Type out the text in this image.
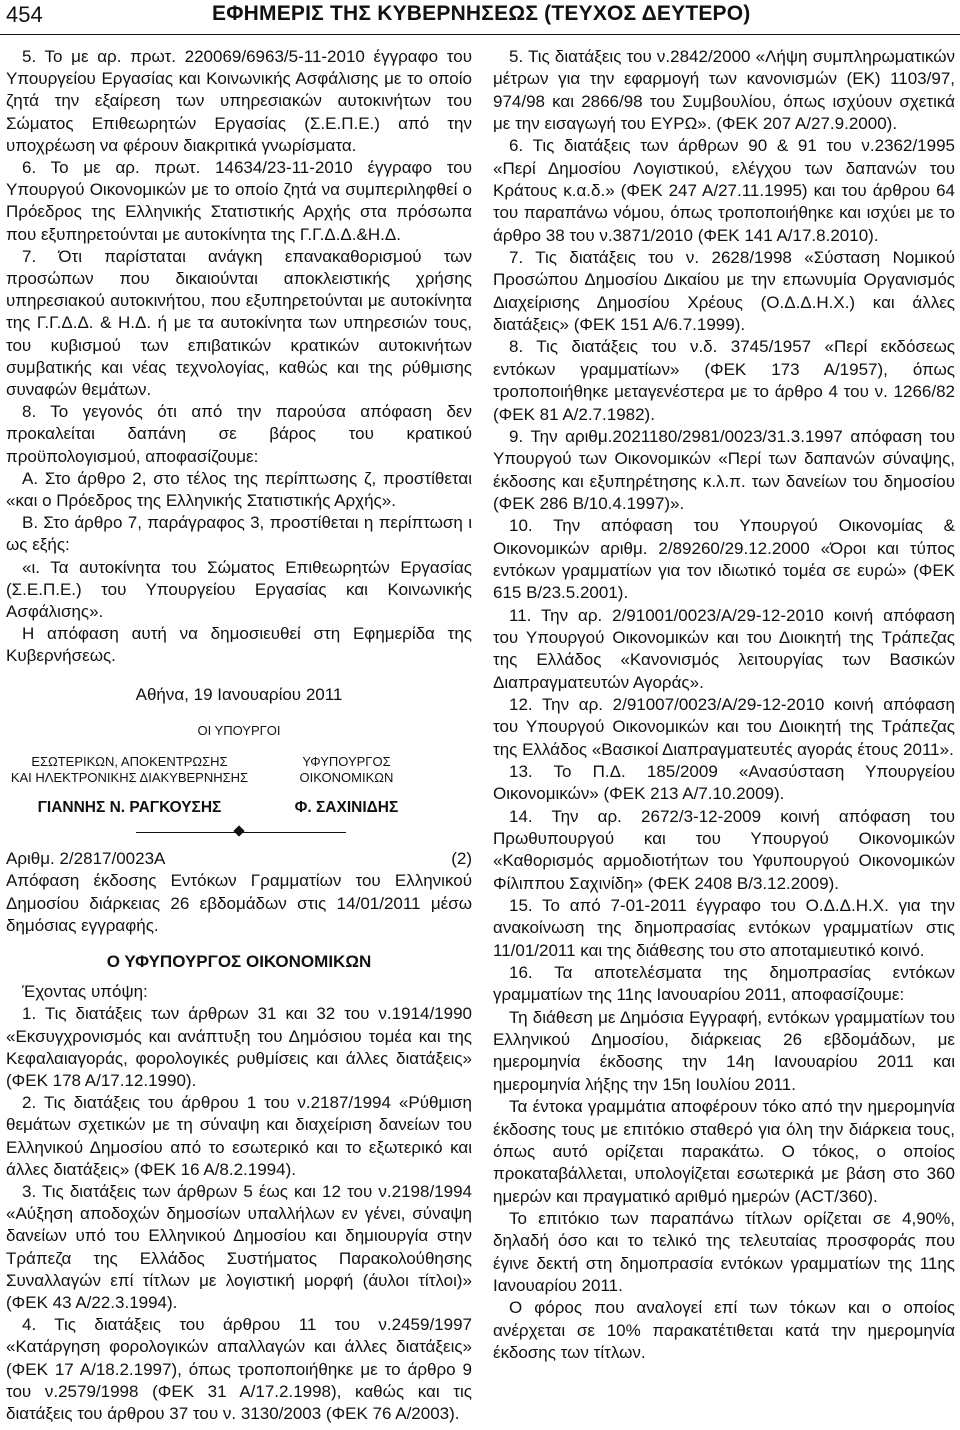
454	ΕΦΗΜΕΡΙΣ ΤΗΣ ΚΥΒΕΡΝΗΣΕΩΣ (ΤΕΥΧΟΣ ΔΕΥΤΕΡΟ)

5. Το με αρ. πρωτ. 220069/6963/5-11-2010 έγγραφο του Υπουργείου Εργασίας και Κοινωνικής Ασφάλισης με το οποίο ζητά την εξαίρεση των υπηρεσιακών αυτοκινήτων του Σώματος Επιθεωρητών Εργασίας (Σ.Ε.Π.Ε.) από την υποχρέωση να φέρουν διακριτικά γνωρίσματα.

6. Το με αρ. πρωτ. 14634/23-11-2010 έγγραφο του Υπουργού Οικονομικών με το οποίο ζητά να συμπεριληφθεί ο Πρόεδρος της Ελληνικής Στατιστικής Αρχής στα πρόσωπα που εξυπηρετούνται με αυτοκίνητα της Γ.Γ.Δ.Δ.&Η.Δ.

7. Ότι παρίσταται ανάγκη επανακαθορισμού των προσώπων που δικαιούνται αποκλειστικής χρήσης υπηρεσιακού αυτοκινήτου, που εξυπηρετούνται με αυτοκίνητα της Γ.Γ.Δ.Δ. & Η.Δ. ή με τα αυτοκίνητα των υπηρεσιών τους, του κυβισμού των επιβατικών κρατικών αυτοκινήτων συμβατικής και νέας τεχνολογίας, καθώς και της ρύθμισης συναφών θεμάτων.

8. Το γεγονός ότι από την παρούσα απόφαση δεν προκαλείται δαπάνη σε βάρος του κρατικού προϋπολογισμού, αποφασίζουμε:

Α. Στο άρθρο 2, στο τέλος της περίπτωσης ζ, προστίθεται «και ο Πρόεδρος της Ελληνικής Στατιστικής Αρχής».

Β. Στο άρθρο 7, παράγραφος 3, προστίθεται η περίπτωση ι ως εξής:

«ι. Τα αυτοκίνητα του Σώματος Επιθεωρητών Εργασίας (Σ.Ε.Π.Ε.) του Υπουργείου Εργασίας και Κοινωνικής Ασφάλισης».

Η απόφαση αυτή να δημοσιευθεί στη Εφημερίδα της Κυβερνήσεως.

Αθήνα, 19 Ιανουαρίου 2011

ΟΙ ΥΠΟΥΡΓΟΙ

ΕΣΩΤΕΡΙΚΩΝ, ΑΠΟΚΕΝΤΡΩΣΗΣ
ΚΑΙ ΗΛΕΚΤΡΟΝΙΚΗΣ ΔΙΑΚΥΒΕΡΝΗΣΗΣ
ΓΙΑΝΝΗΣ Ν. ΡΑΓΚΟΥΣΗΣ
ΥΦΥΠΟΥΡΓΟΣ
ΟΙΚΟΝΟΜΙΚΩΝ
Φ. ΣΑΧΙΝΙΔΗΣ
Αριθμ. 2/2817/0023Α	(2)

Απόφαση έκδοσης Εντόκων Γραμματίων του Ελληνικού Δημοσίου διάρκειας 26 εβδομάδων στις 14/01/2011 μέσω δημόσιας εγγραφής.

Ο ΥΦΥΠΟΥΡΓΟΣ ΟΙΚΟΝΟΜΙΚΩΝ

Έχοντας υπόψη:

1. Τις διατάξεις των άρθρων 31 και 32 του ν.1914/1990 «Εκσυγχρονισμός και ανάπτυξη του Δημόσιου τομέα και της Κεφαλαιαγοράς, φορολογικές ρυθμίσεις και άλλες διατάξεις» (ΦΕΚ 178 Α/17.12.1990).

2. Τις διατάξεις του άρθρου 1 του ν.2187/1994 «Ρύθμιση θεμάτων σχετικών με τη σύναψη και διαχείριση δανείων του Ελληνικού Δημοσίου από το εσωτερικό και το εξωτερικό και άλλες διατάξεις» (ΦΕΚ 16 Α/8.2.1994).

3. Τις διατάξεις των άρθρων 5 έως και 12 του ν.2198/1994 «Αύξηση αποδοχών δημοσίων υπαλλήλων εν γένει, σύναψη δανείων υπό του Ελληνικού Δημοσίου και δημιουργία στην Τράπεζα της Ελλάδος Συστήματος Παρακολούθησης Συναλλαγών επί τίτλων με λογιστική μορφή (άυλοι τίτλοι)» (ΦΕΚ 43 Α/22.3.1994).

4. Τις διατάξεις του άρθρου 11 του ν.2459/1997 «Κατάργηση φορολογικών απαλλαγών και άλλες διατάξεις» (ΦΕΚ 17 Α/18.2.1997), όπως τροποποιήθηκε με το άρθρο 9 του ν.2579/1998 (ΦΕΚ 31 Α/17.2.1998), καθώς και τις διατάξεις του άρθρου 37 του ν. 3130/2003 (ΦΕΚ 76 Α/2003).

5. Τις διατάξεις του ν.2842/2000 «Λήψη συμπληρωματικών μέτρων για την εφαρμογή των κανονισμών (ΕΚ) 1103/97, 974/98 και 2866/98 του Συμβουλίου, όπως ισχύουν σχετικά με την εισαγωγή του ΕΥΡΩ». (ΦΕΚ 207 Α/27.9.2000).

6. Τις διατάξεις των άρθρων 90 & 91 του ν.2362/1995 «Περί Δημοσίου Λογιστικού, ελέγχου των δαπανών του Κράτους κ.α.δ.» (ΦΕΚ 247 Α/27.11.1995) και του άρθρου 64 του παραπάνω νόμου, όπως τροποποιήθηκε και ισχύει με το άρθρο 38 του ν.3871/2010 (ΦΕΚ 141 Α/17.8.2010).

7. Τις διατάξεις του ν. 2628/1998 «Σύσταση Νομικού Προσώπου Δημοσίου Δικαίου με την επωνυμία Οργανισμός Διαχείρισης Δημοσίου Χρέους (Ο.Δ.Δ.Η.Χ.) και άλλες διατάξεις» (ΦΕΚ 151 Α/6.7.1999).

8. Τις διατάξεις του ν.δ. 3745/1957 «Περί εκδόσεως εντόκων γραμματίων» (ΦΕΚ 173 Α/1957), όπως τροποποιήθηκε μεταγενέστερα με το άρθρο 4 του ν. 1266/82 (ΦΕΚ 81 Α/2.7.1982).

9. Την αριθμ.2021180/2981/0023/31.3.1997 απόφαση του Υπουργού των Οικονομικών «Περί των δαπανών σύναψης, έκδοσης και εξυπηρέτησης κ.λ.π. των δανείων του δημοσίου (ΦΕΚ 286 Β/10.4.1997)».

10. Την απόφαση του Υπουργού Οικονομίας & Οικονομικών αριθμ. 2/89260/29.12.2000 «Όροι και τύπος εντόκων γραμματίων για τον ιδιωτικό τομέα σε ευρώ» (ΦΕΚ 615 Β/23.5.2001).

11. Την αρ. 2/91001/0023/Α/29-12-2010 κοινή απόφαση του Υπουργού Οικονομικών και του Διοικητή της Τράπεζας της Ελλάδος «Κανονισμός λειτουργίας των Βασικών Διαπραγματευτών Αγοράς».

12. Την αρ. 2/91007/0023/Α/29-12-2010 κοινή απόφαση του Υπουργού Οικονομικών και του Διοικητή της Τράπεζας της Ελλάδος «Βασικοί Διαπραγματευτές αγοράς έτους 2011».

13. Το Π.Δ. 185/2009 «Ανασύσταση Υπουργείου Οικονομικών» (ΦΕΚ 213 Α/7.10.2009).

14. Την αρ. 2672/3-12-2009 κοινή απόφαση του Πρωθυπουργού και του Υπουργού Οικονομικών «Καθορισμός αρμοδιοτήτων του Υφυπουργού Οικονομικών Φίλιππου Σαχινίδη» (ΦΕΚ 2408 Β/3.12.2009).

15. Το από 7-01-2011 έγγραφο του Ο.Δ.Δ.Η.Χ. για την ανακοίνωση της δημοπρασίας εντόκων γραμματίων στις 11/01/2011 και της διάθεσης του στο αποταμιευτικό κοινό.

16. Τα αποτελέσματα της δημοπρασίας εντόκων γραμματίων της 11ης Ιανουαρίου 2011, αποφασίζουμε:

Τη διάθεση με Δημόσια Εγγραφή, εντόκων γραμματίων του Ελληνικού Δημοσίου, διάρκειας 26 εβδομάδων, με ημερομηνία έκδοσης την 14η Ιανουαρίου 2011 και ημερομηνία λήξης την 15η Ιουλίου 2011.

Τα έντοκα γραμμάτια αποφέρουν τόκο από την ημερομηνία έκδοσης τους με επιτόκιο σταθερό για όλη την διάρκεια τους, όπως αυτό ορίζεται παρακάτω. Ο τόκος, ο οποίος προκαταβάλλεται, υπολογίζεται εσωτερικά με βάση στο 360 ημερών και πραγματικό αριθμό ημερών (ACT/360).

Το επιτόκιο των παραπάνω τίτλων ορίζεται σε 4,90%, δηλαδή όσο και το τελικό της τελευταίας προσφοράς που έγινε δεκτή στη δημοπρασία εντόκων γραμματίων της 11ης Ιανουαρίου 2011.

Ο φόρος που αναλογεί επί των τόκων και ο οποίος ανέρχεται σε 10% παρακατέτιθεται κατά την ημερομηνία έκδοσης των τίτλων.
